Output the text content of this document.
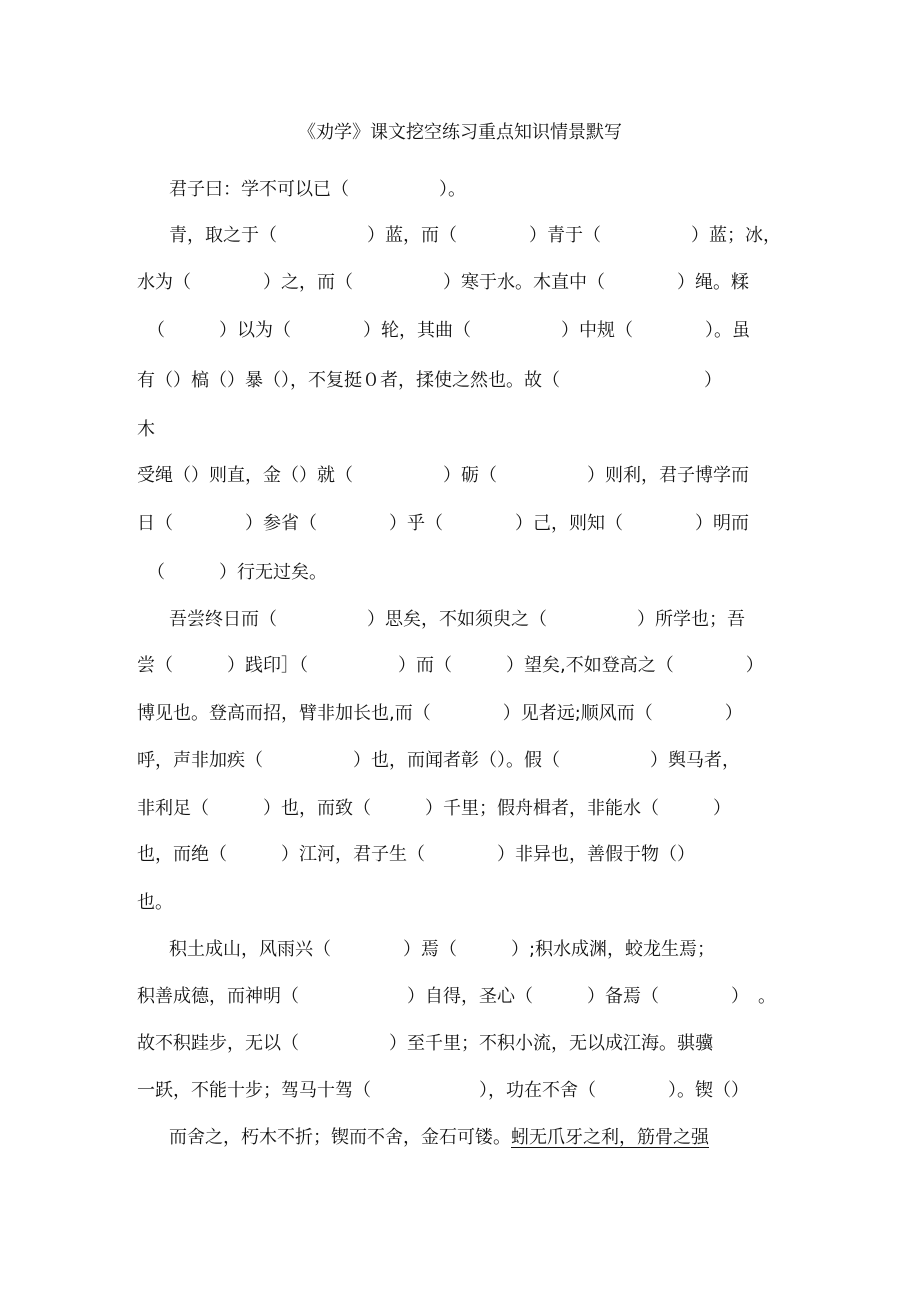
《劝学》课文挖空练习重点知识情景默写
君子曰：学不可以已（　　　　　）。
青，取之于（　　　　　）蓝，而（　　　　）青于（　　　　　）蓝；冰，
水为（　　　　）之，而（　　　　　）寒于水。木直中（　　　　）绳。糅
（　　　）以为（　　　　）轮，其曲（　　　　　）中规（　　　　）。虽
有（）槁（）暴（），不复挺０者，揉使之然也。故（　　　　　　　　）
木
受绳（）则直，金（）就（　　　　　）砺（　　　　　）则利，君子博学而
日（　　　　）参省（　　　　）乎（　　　　）己，则知（　　　　）明而
（　　　）行无过矣。
吾尝终日而（　　　　　）思矣，不如须臾之（　　　　　）所学也；吾
尝（　　　）践印］（　　　　　）而（　　　）望矣,不如登高之（　　　　）
博见也。登高而招，臂非加长也,而（　　　　）见者远;顺风而（　　　　）
呼，声非加疾（　　　　　）也，而闻者彰（）。假（　　　　　）舆马者，
非利足（　　　）也，而致（　　　）千里；假舟楫者，非能水（　　　）
也，而绝（　　　）江河，君子生（　　　　）非异也，善假于物（）
也。
积土成山，风雨兴（　　　　）焉（　　　）;积水成渊，蛟龙生焉；
积善成德，而神明（　　　　　　）自得，圣心（　　　）备焉（　　　　）　。
故不积跬步，无以（　　　　　）至千里；不积小流，无以成江海。骐骥
一跃，不能十步；驾马十驾（　　　　　　），功在不舍（　　　　）。锲（）
而舍之，朽木不折；锲而不舍，金石可镂。蚓无爪牙之利，筋骨之强
